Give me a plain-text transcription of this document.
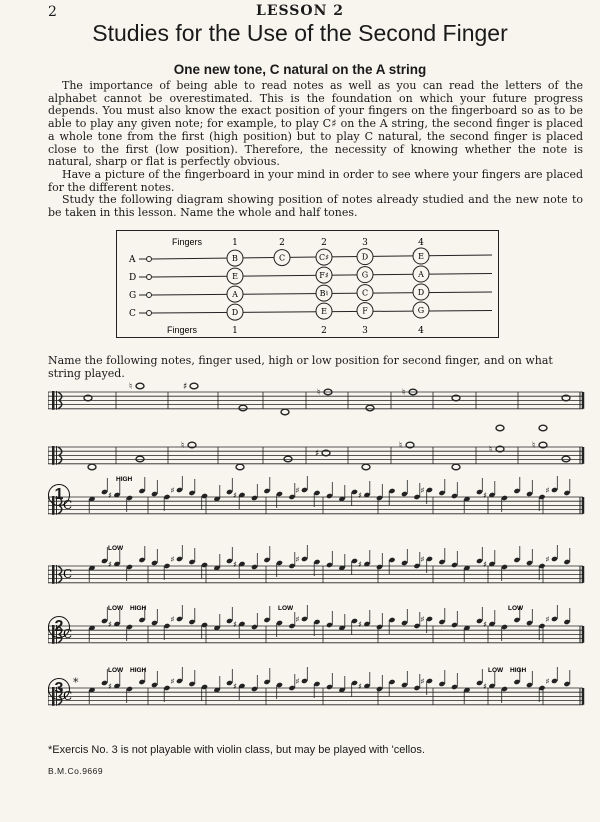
2	LESSON 2
Studies for the Use of the Second Finger
One new tone, C natural on the A string

The importance of being able to read notes as well as you can read the letters of the alphabet cannot be overestimated. This is the foundation on which your future progress depends. You must also know the exact position of your fingers on the fingerboard so as to be able to play any given note; for example, to play C♯ on the A string, the second finger is placed a whole tone from the first (high position) but to play C natural, the second finger is placed close to the first (low position). Therefore, the necessity of knowing whether the note is natural, sharp or flat is perfectly obvious.

Have a picture of the fingerboard in your mind in order to see where your fingers are placed for the different notes.

Study the following diagram showing position of notes already studied and the new note to be taken in this lesson. Name the whole and half tones.

Fingers	1	2	2	3	4
Fingers	1	2	3	4
A	B	C	C♯	D	E
D	E	F♯	G	A
G	A	B♮	C	D
C	D	E	F	G
Name the following notes, finger used, high or low position for second finger, and on what string played.
♮	♯
♮	♮
♮
♯
♮	♮	♮
C
♯
♯
♯
♯
♯
♯
♯
♯
C
♯
♯
♯
♯
♯
♯
♯
♯
C
♯
♯
♯
♯
♯
♯
♯
♯
C
♯
♯
♯
♯
♯
♯
♯
♯
HIGH
LOW
LOW HIGH	LOW	LOW
LOW HIGH	LOW HIGH
1
2
3 *
*Exercis No. 3 is not playable with violin class, but may be played with 'cellos.
B.M.Co.9669
